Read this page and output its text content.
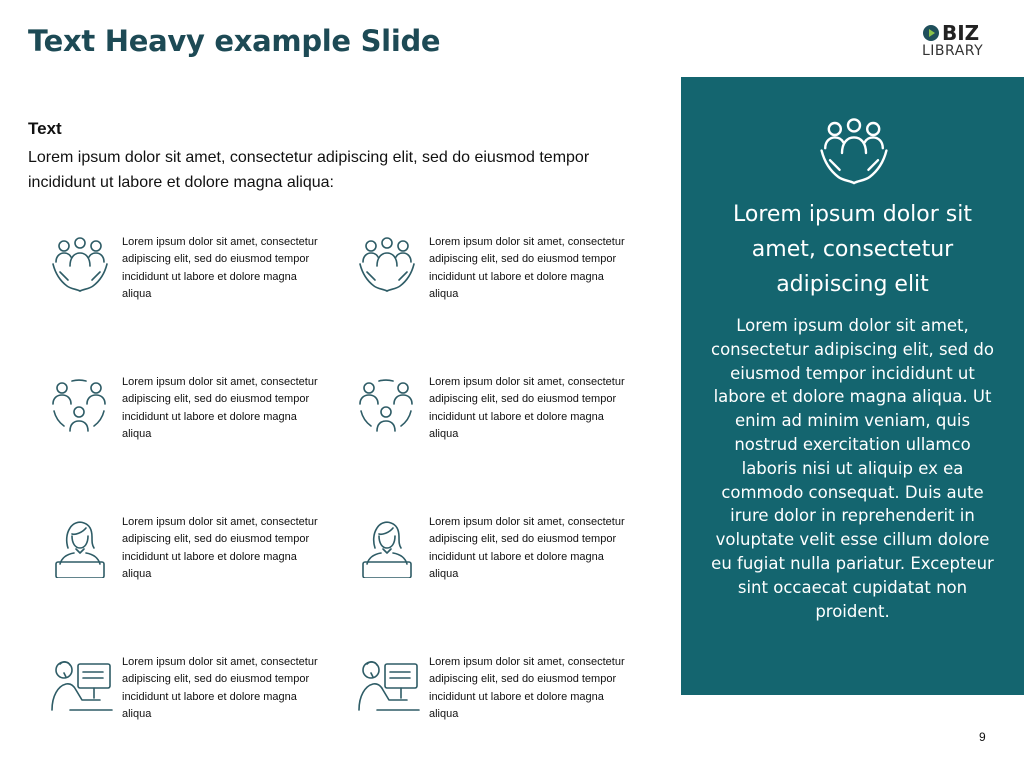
Text Heavy example Slide	BIZ
LIBRARY
Text
Lorem ipsum dolor sit amet, consectetur adipiscing elit, sed do eiusmod tempor incididunt ut labore et dolore magna aliqua:
Lorem ipsum dolor sit amet, consectetur adipiscing elit, sed do eiusmod tempor incididunt ut labore et dolore magna aliqua
Lorem ipsum dolor sit amet, consectetur adipiscing elit, sed do eiusmod tempor incididunt ut labore et dolore magna aliqua
Lorem ipsum dolor sit amet, consectetur adipiscing elit, sed do eiusmod tempor incididunt ut labore et dolore magna aliqua
Lorem ipsum dolor sit amet, consectetur adipiscing elit, sed do eiusmod tempor incididunt ut labore et dolore magna aliqua
Lorem ipsum dolor sit amet, consectetur adipiscing elit, sed do eiusmod tempor incididunt ut labore et dolore magna aliqua
Lorem ipsum dolor sit amet, consectetur adipiscing elit, sed do eiusmod tempor incididunt ut labore et dolore magna aliqua
Lorem ipsum dolor sit amet, consectetur adipiscing elit, sed do eiusmod tempor incididunt ut labore et dolore magna aliqua
Lorem ipsum dolor sit amet, consectetur adipiscing elit, sed do eiusmod tempor incididunt ut labore et dolore magna aliqua
Lorem ipsum dolor sit amet, consectetur adipiscing elit
Lorem ipsum dolor sit amet, consectetur adipiscing elit, sed do eiusmod tempor incididunt ut labore et dolore magna aliqua. Ut enim ad minim veniam, quis nostrud exercitation ullamco laboris nisi ut aliquip ex ea commodo consequat. Duis aute irure dolor in reprehenderit in voluptate velit esse cillum dolore eu fugiat nulla pariatur. Excepteur sint occaecat cupidatat non proident.
9
